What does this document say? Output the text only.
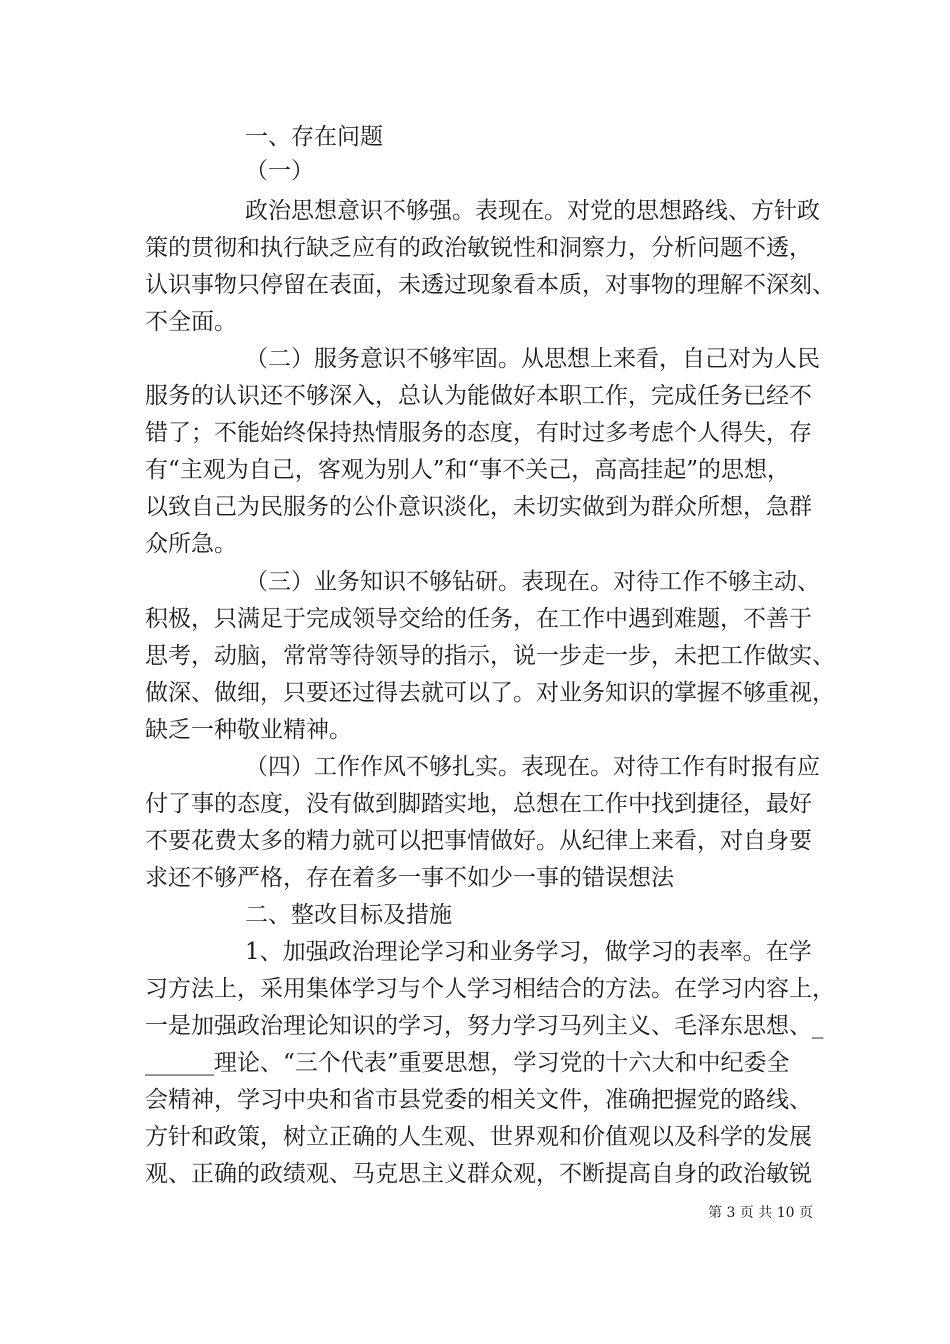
一、存在问题
（一）
政治思想意识不够强。表现在。对党的思想路线、方针政
策的贯彻和执行缺乏应有的政治敏锐性和洞察力，分析问题不透，
认识事物只停留在表面，未透过现象看本质，对事物的理解不深刻、
不全面。
（二）服务意识不够牢固。从思想上来看，自己对为人民
服务的认识还不够深入，总认为能做好本职工作，完成任务已经不
错了；不能始终保持热情服务的态度，有时过多考虑个人得失，存
有“主观为自己，客观为别人”和“事不关己，高高挂起”的思想，
以致自己为民服务的公仆意识淡化，未切实做到为群众所想，急群
众所急。
（三）业务知识不够钻研。表现在。对待工作不够主动、
积极，只满足于完成领导交给的任务，在工作中遇到难题，不善于
思考，动脑，常常等待领导的指示，说一步走一步，未把工作做实、
做深、做细，只要还过得去就可以了。对业务知识的掌握不够重视，
缺乏一种敬业精神。
（四）工作作风不够扎实。表现在。对待工作有时报有应
付了事的态度，没有做到脚踏实地，总想在工作中找到捷径，最好
不要花费太多的精力就可以把事情做好。从纪律上来看，对自身要
求还不够严格，存在着多一事不如少一事的错误想法
二、整改目标及措施
1、加强政治理论学习和业务学习，做学习的表率。在学
习方法上，采用集体学习与个人学习相结合的方法。在学习内容上，
一是加强政治理论知识的学习，努力学习马列主义、毛泽东思想、_
______理论、“三个代表”重要思想，学习党的十六大和中纪委全
会精神，学习中央和省市县党委的相关文件，准确把握党的路线、
方针和政策，树立正确的人生观、世界观和价值观以及科学的发展
观、正确的政绩观、马克思主义群众观，不断提高自身的政治敏锐
第 3 页 共 10 页
